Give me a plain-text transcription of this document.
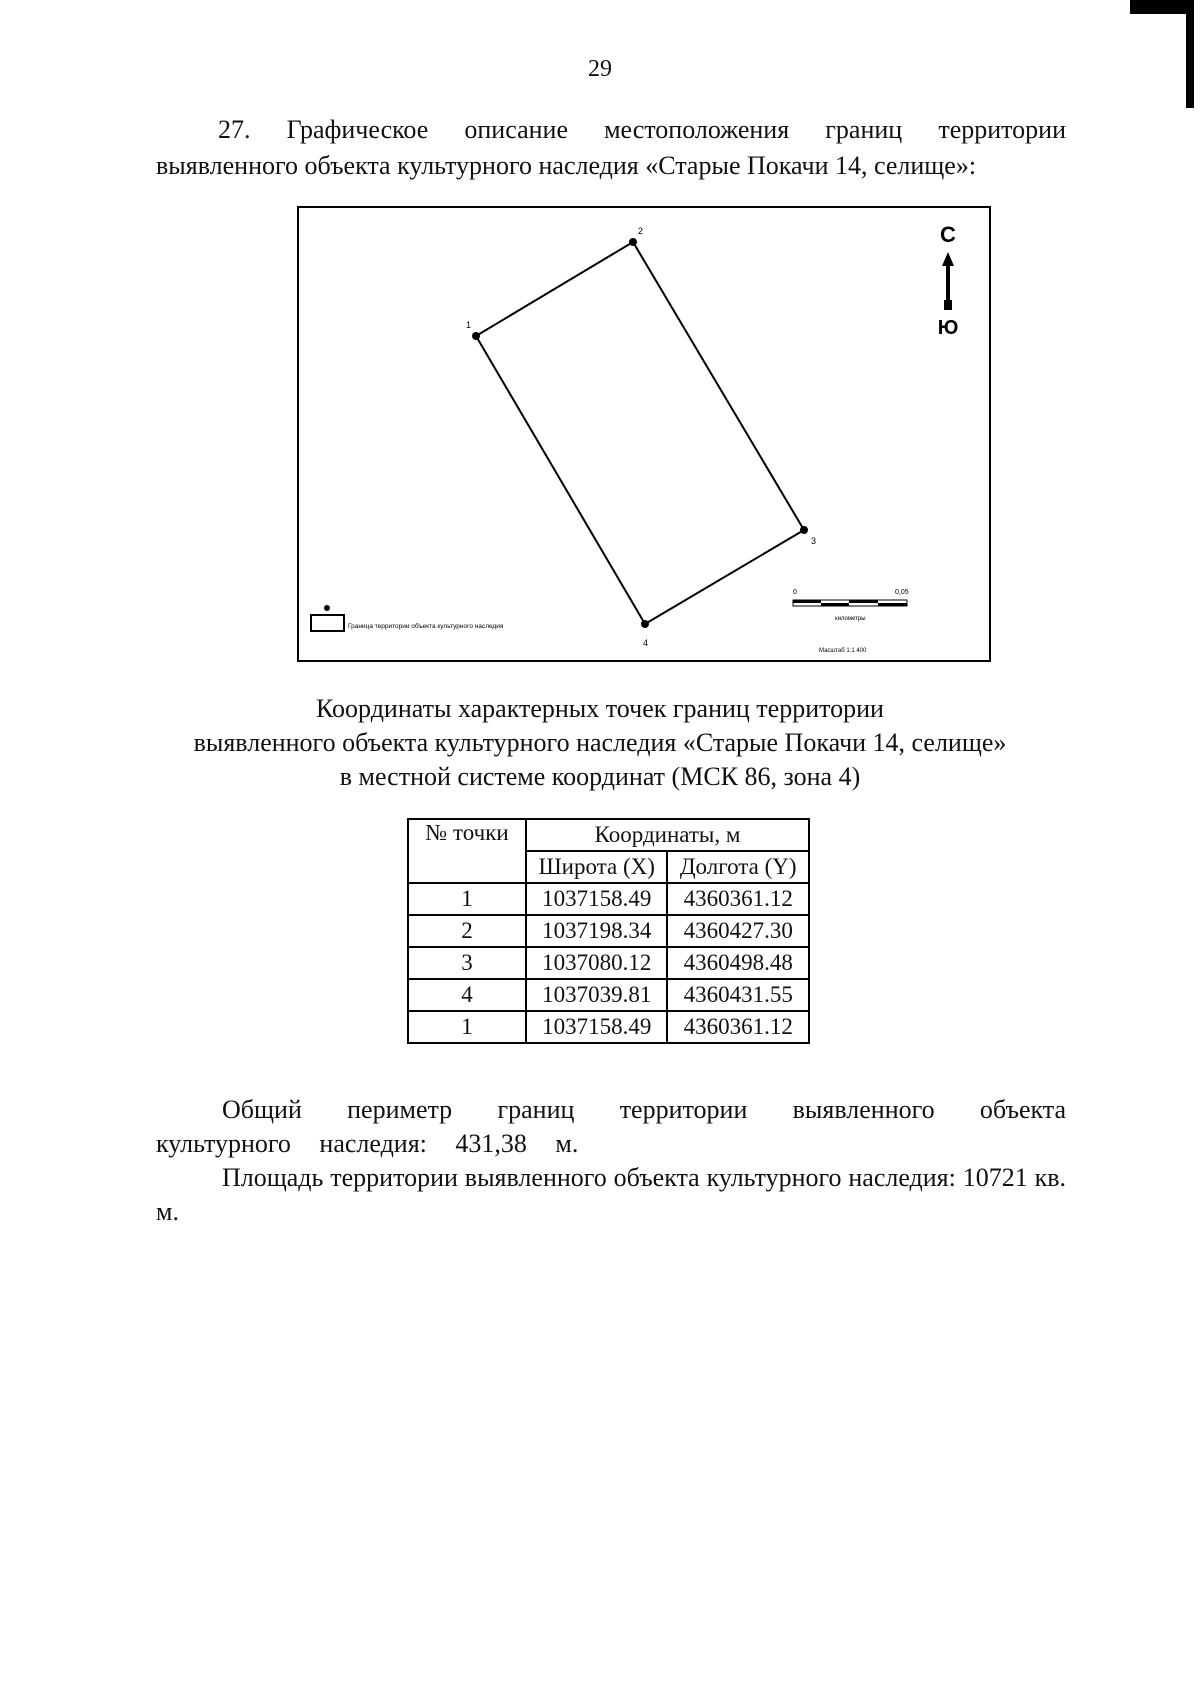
29
27. Графическое описание местоположения границ территории выявленного объекта культурного наследия «Старые Покачи 14, селище»:
1
2
3
4
С
Ю
Граница территории объекта культурного наследия
0	0,05
километры
Масштаб 1:1 400
Координаты характерных точек границ территории
выявленного объекта культурного наследия «Старые Покачи 14, селище»
в местной системе координат (МСК 86, зона 4)
№ точки	Координаты, м	
	Широта (X)	Долгота (Y)
1	1037158.49	4360361.12
2	1037198.34	4360427.30
3	1037080.12	4360498.48
4	1037039.81	4360431.55
1	1037158.49	4360361.12
Общий периметр границ территории выявленного объекта культурного наследия: 431,38 м.
Площадь территории выявленного объекта культурного наследия: 10721 кв. м.
